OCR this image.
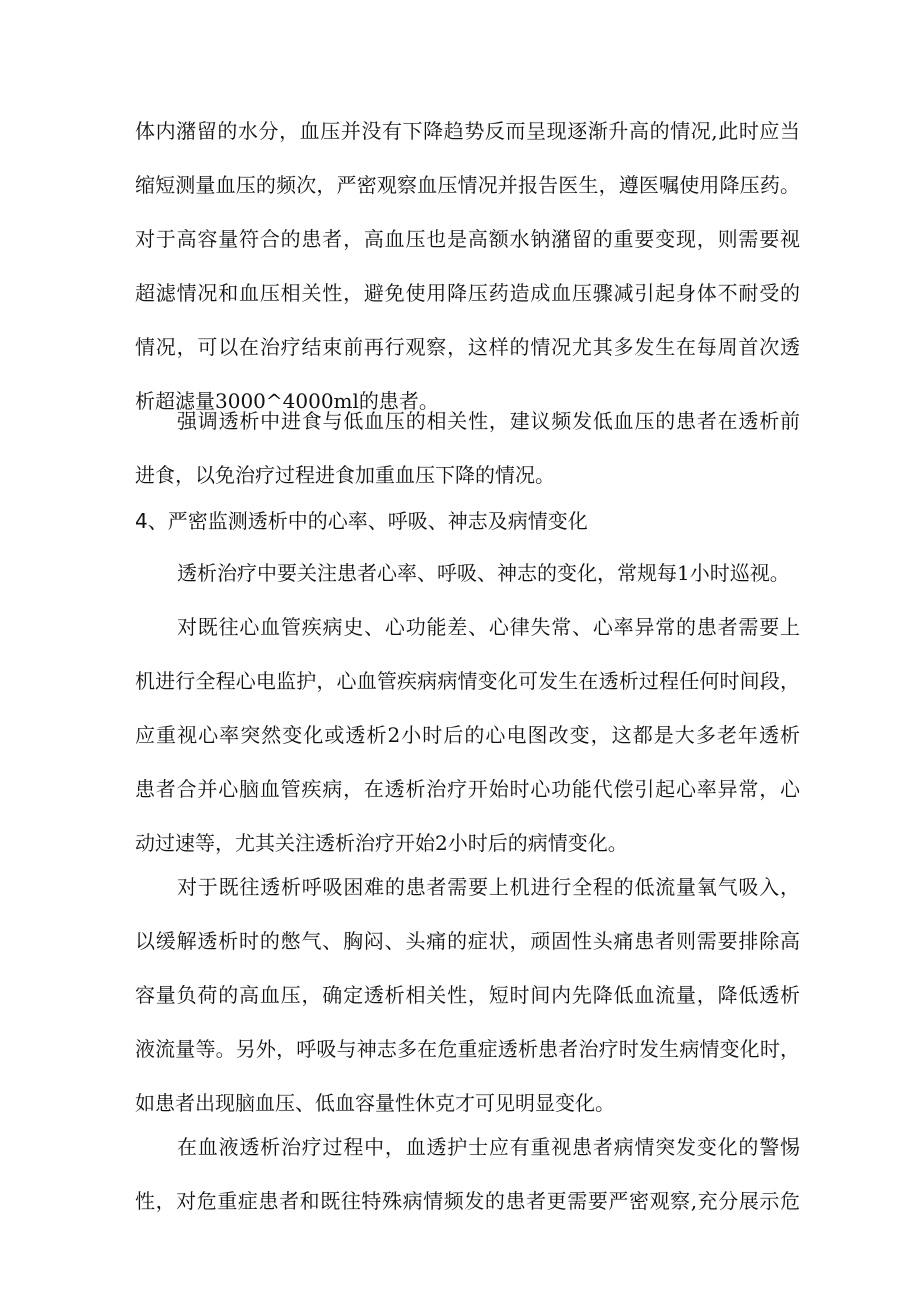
体内潴留的水分，血压并没有下降趋势反而呈现逐渐升高的情况,此时应当
缩短测量血压的频次，严密观察血压情况并报告医生，遵医嘱使用降压药。
对于高容量符合的患者，高血压也是高额水钠潴留的重要变现，则需要视
超滤情况和血压相关性，避免使用降压药造成血压骤减引起身体不耐受的
情况，可以在治疗结束前再行观察，这样的情况尤其多发生在每周首次透
析超滤量3000^4000ml的患者。
强调透析中进食与低血压的相关性，建议频发低血压的患者在透析前
进食，以免治疗过程进食加重血压下降的情况。
4、严密监测透析中的心率、呼吸、神志及病情变化
透析治疗中要关注患者心率、呼吸、神志的变化，常规每1小时巡视。
对既往心血管疾病史、心功能差、心律失常、心率异常的患者需要上
机进行全程心电监护，心血管疾病病情变化可发生在透析过程任何时间段，
应重视心率突然变化或透析2小时后的心电图改变，这都是大多老年透析
患者合并心脑血管疾病，在透析治疗开始时心功能代偿引起心率异常，心
动过速等，尤其关注透析治疗开始2小时后的病情变化。
对于既往透析呼吸困难的患者需要上机进行全程的低流量氧气吸入，
以缓解透析时的憋气、胸闷、头痛的症状，顽固性头痛患者则需要排除高
容量负荷的高血压，确定透析相关性，短时间内先降低血流量，降低透析
液流量等。另外，呼吸与神志多在危重症透析患者治疗时发生病情变化时，
如患者出现脑血压、低血容量性休克才可见明显变化。
在血液透析治疗过程中，血透护士应有重视患者病情突发变化的警惕
性，对危重症患者和既往特殊病情频发的患者更需要严密观察,充分展示危
